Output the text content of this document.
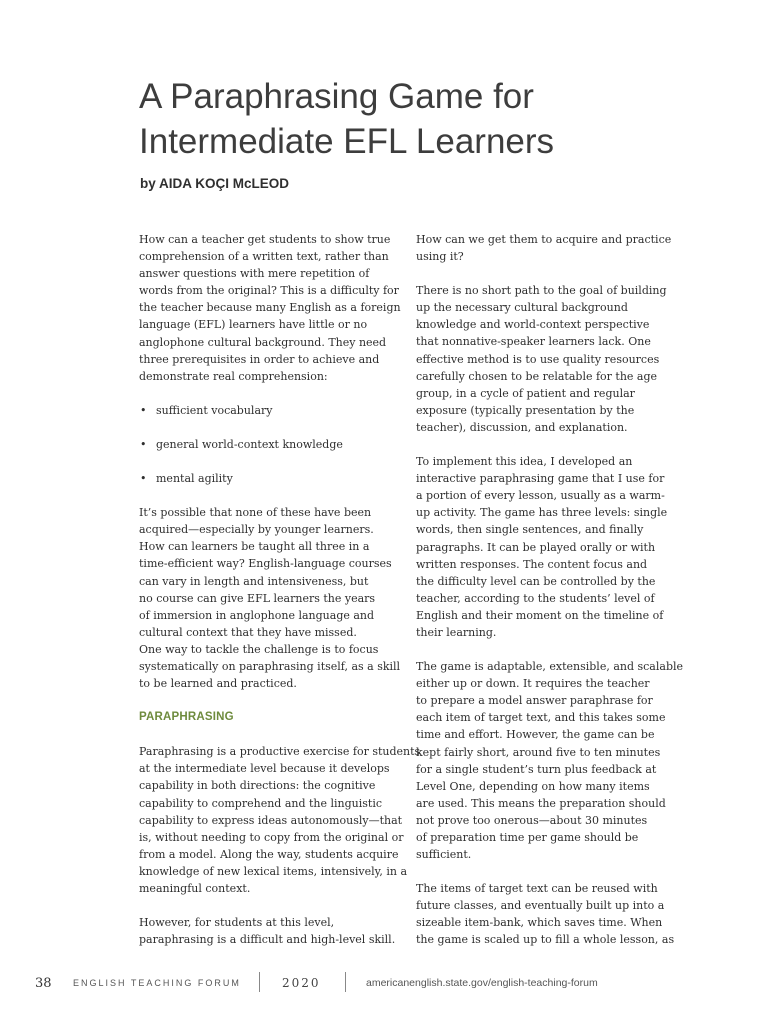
A Paraphrasing Game for
Intermediate EFL Learners
by AIDA KOÇI McLEOD

How can a teacher get students to show true
comprehension of a written text, rather than
answer questions with mere repetition of
words from the original? This is a difficulty for
the teacher because many English as a foreign
language (EFL) learners have little or no
anglophone cultural background. They need
three prerequisites in order to achieve and
demonstrate real comprehension:

• sufficient vocabulary
• general world-context knowledge
• mental agility

It’s possible that none of these have been
acquired—especially by younger learners.
How can learners be taught all three in a
time-efficient way? English-language courses
can vary in length and intensiveness, but
no course can give EFL learners the years
of immersion in anglophone language and
cultural context that they have missed.
One way to tackle the challenge is to focus
systematically on paraphrasing itself, as a skill
to be learned and practiced.

PARAPHRASING

Paraphrasing is a productive exercise for students
at the intermediate level because it develops
capability in both directions: the cognitive
capability to comprehend and the linguistic
capability to express ideas autonomously—that
is, without needing to copy from the original or
from a model. Along the way, students acquire
knowledge of new lexical items, intensively, in a
meaningful context.

However, for students at this level,
paraphrasing is a difficult and high-level skill.

How can we get them to acquire and practice
using it?

There is no short path to the goal of building
up the necessary cultural background
knowledge and world-context perspective
that nonnative-speaker learners lack. One
effective method is to use quality resources
carefully chosen to be relatable for the age
group, in a cycle of patient and regular
exposure (typically presentation by the
teacher), discussion, and explanation.

To implement this idea, I developed an
interactive paraphrasing game that I use for
a portion of every lesson, usually as a warm-
up activity. The game has three levels: single
words, then single sentences, and finally
paragraphs. It can be played orally or with
written responses. The content focus and
the difficulty level can be controlled by the
teacher, according to the students’ level of
English and their moment on the timeline of
their learning.

The game is adaptable, extensible, and scalable
either up or down. It requires the teacher
to prepare a model answer paraphrase for
each item of target text, and this takes some
time and effort. However, the game can be
kept fairly short, around five to ten minutes
for a single student’s turn plus feedback at
Level One, depending on how many items
are used. This means the preparation should
not prove too onerous—about 30 minutes
of preparation time per game should be
sufficient.

The items of target text can be reused with
future classes, and eventually built up into a
sizeable item-bank, which saves time. When
the game is scaled up to fill a whole lesson, as

38 ENGLISH TEACHING FORUM	2020	americanenglish.state.gov/english-teaching-forum
